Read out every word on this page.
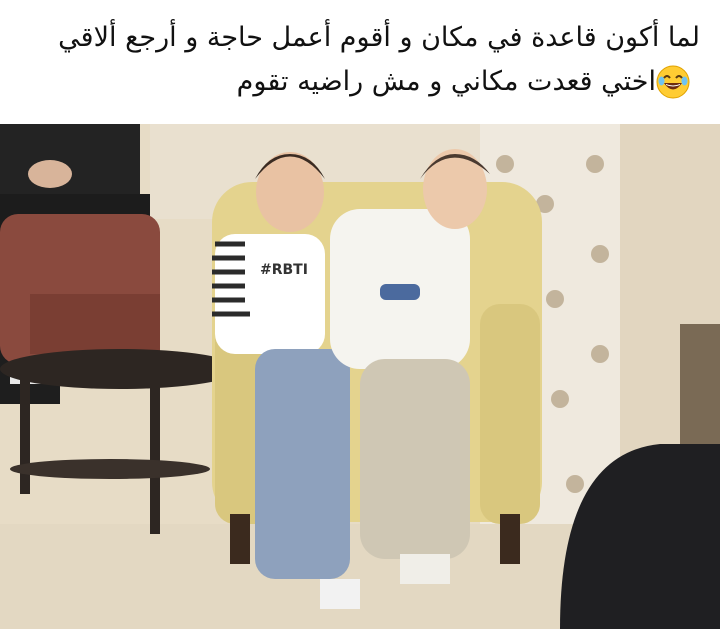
لما أكون قاعدة في مكان و أقوم أعمل حاجة و أرجع ألاقي
اختي قعدت مكاني و مش راضيه تقوم
#RBTI
